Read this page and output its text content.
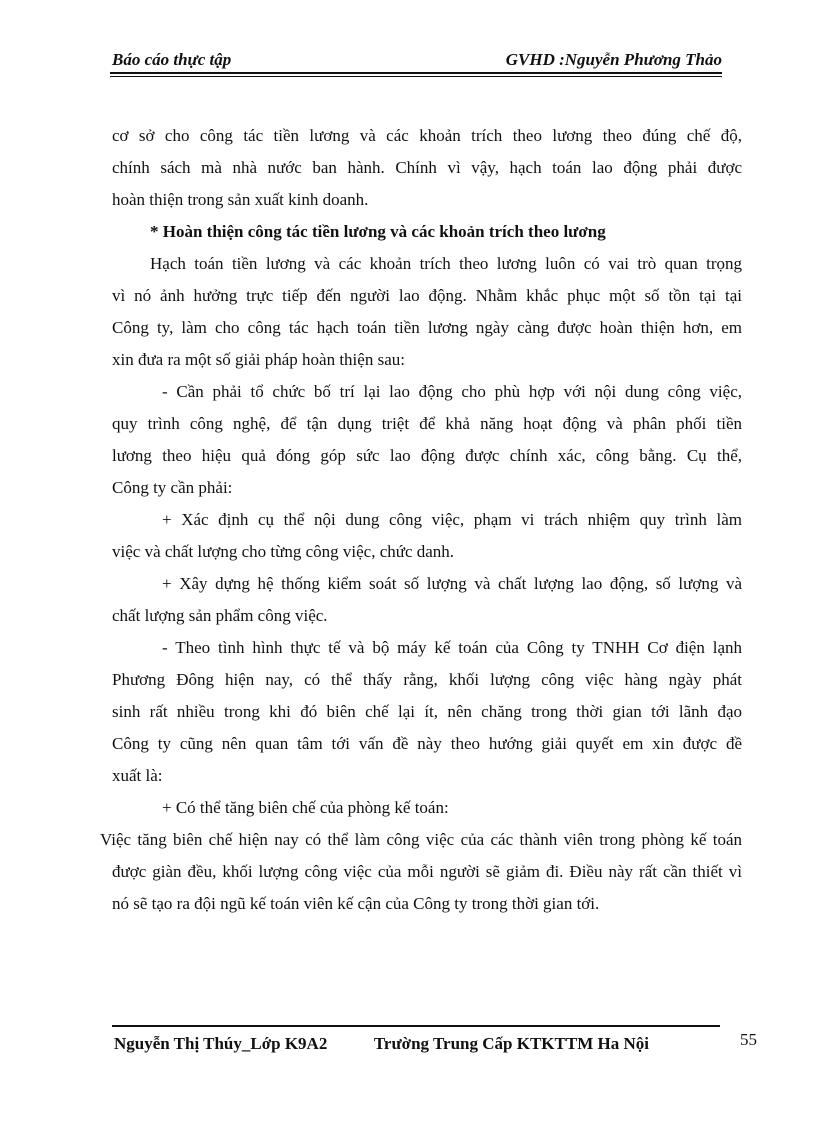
Báo cáo thực tập	GVHD :Nguyễn Phương Thảo
cơ sở cho công tác tiền lương và các khoản trích theo lương theo đúng chế độ,
chính sách mà nhà nước ban hành. Chính vì vậy, hạch toán lao động phải được
hoàn thiện trong sản xuất kinh doanh.
* Hoàn thiện công tác tiền lương và các khoản trích theo lương
Hạch toán tiền lương và các khoản trích theo lương luôn có vai trò quan trọng
vì nó ảnh hưởng trực tiếp đến người lao động. Nhằm khắc phục một số tồn tại tại
Công ty, làm cho công tác hạch toán tiền lương ngày càng được hoàn thiện hơn, em
xin đưa ra một số giải pháp hoàn thiện sau:
- Cần phải tổ chức bố trí lại lao động cho phù hợp với nội dung công việc,
quy trình công nghệ, để tận dụng triệt để khả năng hoạt động và phân phối tiền
lương theo hiệu quả đóng góp sức lao động được chính xác, công bằng. Cụ thể,
Công ty cần phải:
+ Xác định cụ thể nội dung công việc, phạm vi trách nhiệm quy trình làm
việc và chất lượng cho từng công việc, chức danh.
+ Xây dựng hệ thống kiểm soát số lượng và chất lượng lao động, số lượng và
chất lượng sản phẩm công việc.
- Theo tình hình thực tế và bộ máy kế toán của Công ty TNHH Cơ điện lạnh
Phương Đông hiện nay, có thể thấy rằng, khối lượng công việc hàng ngày phát
sinh rất nhiều trong khi đó biên chế lại ít, nên chăng trong thời gian tới lãnh đạo
Công ty cũng nên quan tâm tới vấn đề này theo hướng giải quyết em xin được đề
xuất là:
+ Có thể tăng biên chế của phòng kế toán:
Việc tăng biên chế hiện nay có thể làm công việc của các thành viên trong phòng kế toán
được giàn đều, khối lượng công việc của mỗi người sẽ giảm đi. Điều này rất cần thiết vì
nó sẽ tạo ra đội ngũ kế toán viên kế cận của Công ty trong thời gian tới.
Nguyễn Thị Thúy_Lớp K9A2	Trường Trung Cấp KTKTTM Ha Nội	55
